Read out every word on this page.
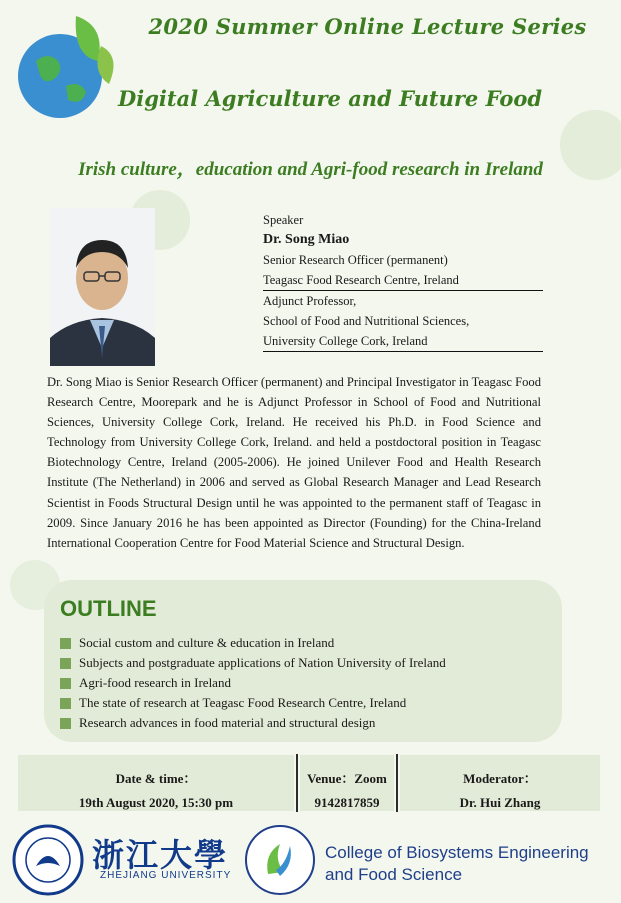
2020 Summer Online Lecture Series
Digital Agriculture and Future Food
Irish culture，education and Agri-food research in Ireland
Speaker
Dr. Song Miao
Senior Research Officer (permanent)
Teagasc Food Research Centre, Ireland
Adjunct Professor,
School of Food and Nutritional Sciences,
University College Cork, Ireland
Dr. Song Miao is Senior Research Officer (permanent) and Principal Investigator in Teagasc Food Research Centre, Moorepark and he is Adjunct Professor in School of Food and Nutritional Sciences, University College Cork, Ireland. He received his Ph.D. in Food Science and Technology from University College Cork, Ireland. and held a postdoctoral position in Teagasc Biotechnology Centre, Ireland (2005-2006). He joined Unilever Food and Health Research Institute (The Netherland) in 2006 and served as Global Research Manager and Lead Research Scientist in Foods Structural Design until he was appointed to the permanent staff of Teagasc in 2009. Since January 2016 he has been appointed as Director (Founding) for the China-Ireland International Cooperation Centre for Food Material Science and Structural Design.
OUTLINE
Social custom and culture & education in Ireland
Subjects and postgraduate applications of Nation University of Ireland
Agri-food research in Ireland
The state of research at Teagasc Food Research Centre, Ireland
Research advances in food material and structural design
Date & time：
19th August 2020, 15:30 pm
Venue：Zoom
9142817859
Moderator：
Dr. Hui Zhang
浙江大學
ZHEJIANG UNIVERSITY
College of Biosystems Engineering
and Food Science
